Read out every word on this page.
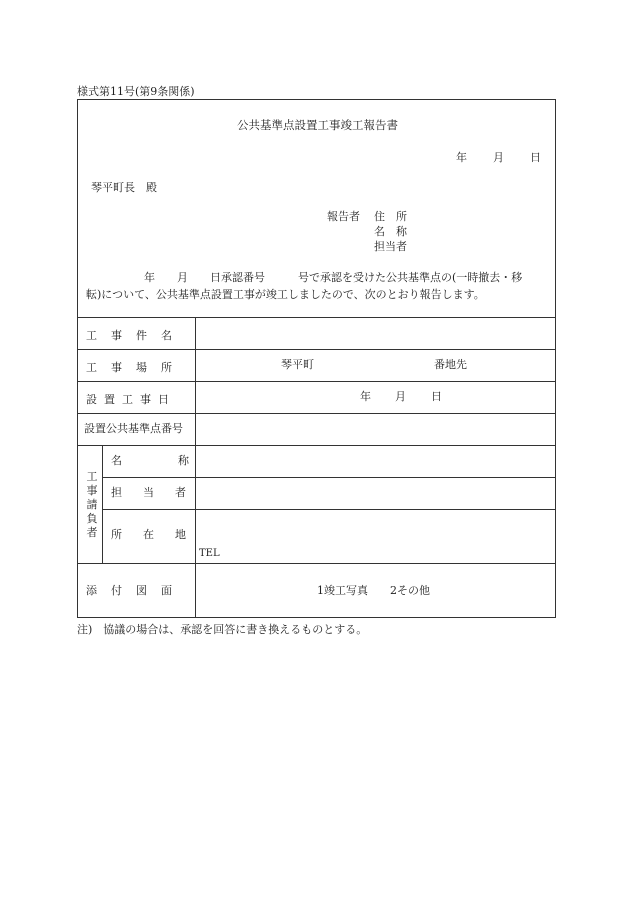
様式第11号(第9条関係)
公共基準点設置工事竣工報告書
年 月 日
琴平町長　殿
報告者 住　所
名　称
担当者
年　　月　　日承認番号　　　号で承認を受けた公共基準点の(一時撤去・移
転)について、公共基準点設置工事が竣工しましたので、次のとおり報告します。
工事件名
工事場所	琴平町	番地先
設置工事日	年 月 日
設置公共基準点番号
工事請負者
名称
担当者
所在地
TEL
添付図面	1竣工写真　　2その他
注)　協議の場合は、承認を回答に書き換えるものとする。
